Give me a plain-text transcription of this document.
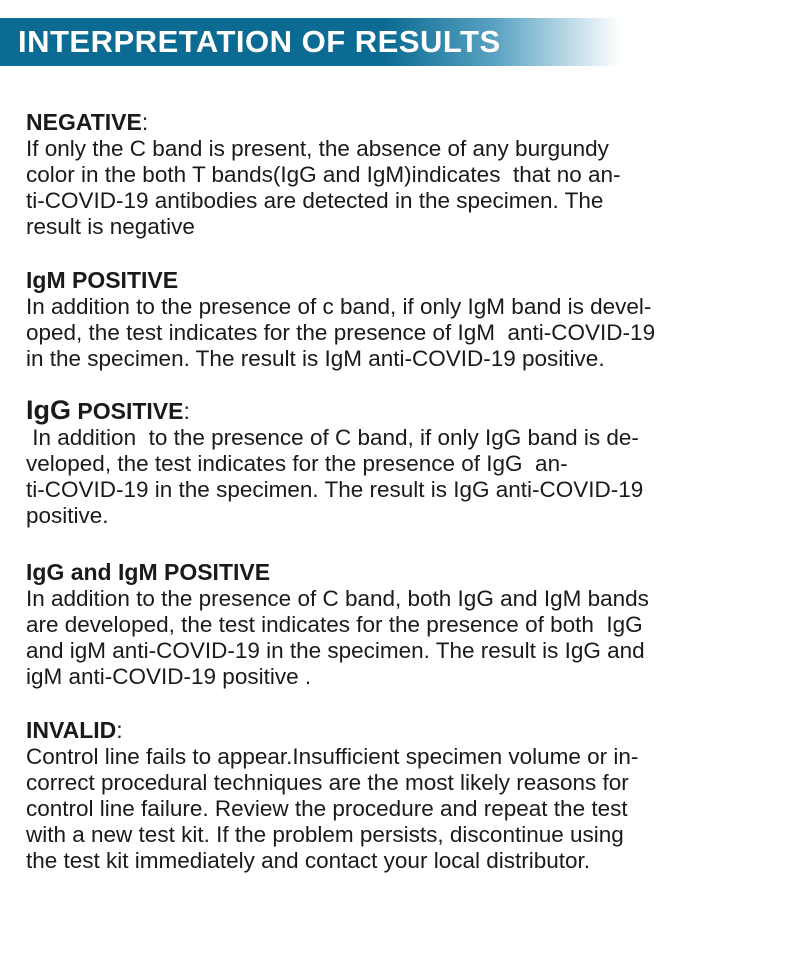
INTERPRETATION OF RESULTS
NEGATIVE:
If only the C band is present, the absence of any burgundy
color in the both T bands(IgG and IgM)indicates  that no an-
ti-COVID-19 antibodies are detected in the specimen. The
result is negative
IgM POSITIVE
In addition to the presence of c band, if only IgM band is devel-
oped, the test indicates for the presence of IgM  anti-COVID-19
in the specimen. The result is IgM anti-COVID-19 positive.
IgG POSITIVE:
In addition  to the presence of C band, if only IgG band is de-
veloped, the test indicates for the presence of IgG  an-
ti-COVID-19 in the specimen. The result is IgG anti-COVID-19
positive.
IgG and IgM POSITIVE
In addition to the presence of C band, both IgG and IgM bands
are developed, the test indicates for the presence of both  IgG
and igM anti-COVID-19 in the specimen. The result is IgG and
igM anti-COVID-19 positive .
INVALID:
Control line fails to appear.Insufficient specimen volume or in-
correct procedural techniques are the most likely reasons for
control line failure. Review the procedure and repeat the test
with a new test kit. If the problem persists, discontinue using
the test kit immediately and contact your local distributor.
